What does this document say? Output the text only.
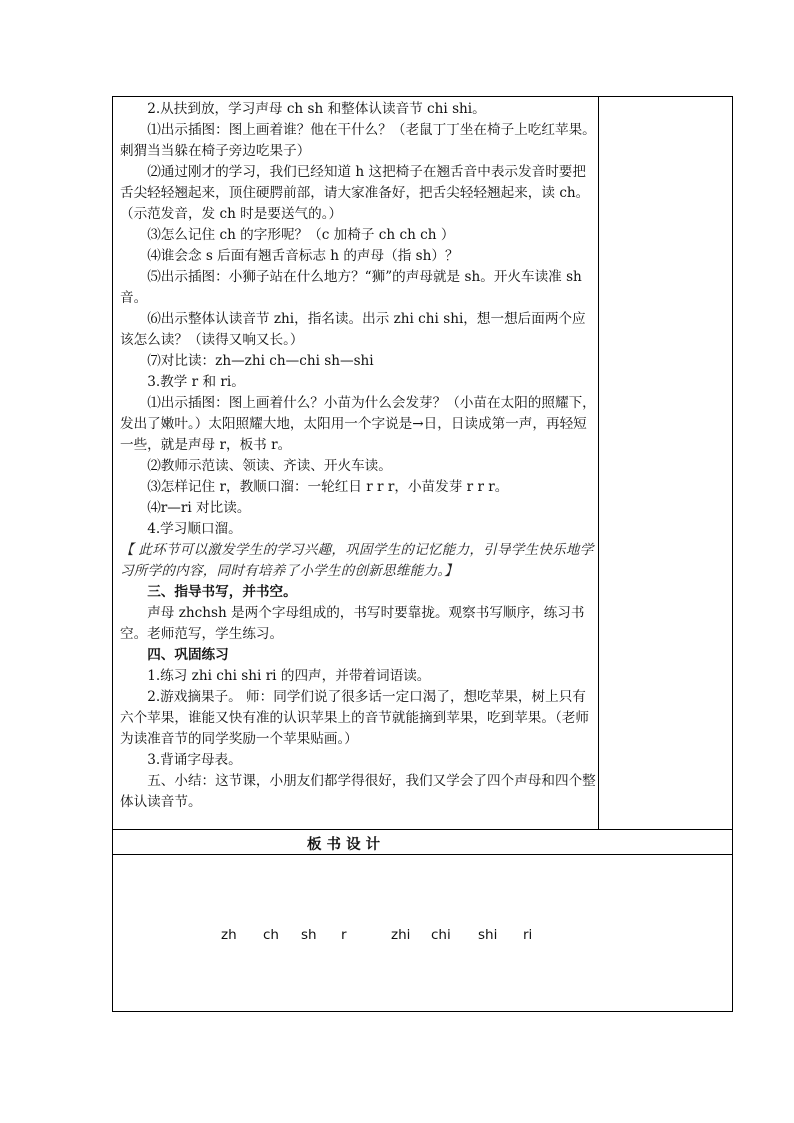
2.从扶到放，学习声母 ch sh 和整体认读音节 chi shi。

⑴出示插图：图上画着谁？他在干什么？（老鼠丁丁坐在椅子上吃红苹果。刺猬当当躲在椅子旁边吃果子）

⑵通过刚才的学习，我们已经知道 h 这把椅子在翘舌音中表示发音时要把舌尖轻轻翘起来，顶住硬腭前部，请大家准备好，把舌尖轻轻翘起来，读 ch。（示范发音，发 ch 时是要送气的。）

⑶怎么记住 ch 的字形呢？（c 加椅子 ch ch ch ）

⑷谁会念 s 后面有翘舌音标志 h 的声母（指 sh）？

⑸出示插图：小狮子站在什么地方？“狮”的声母就是 sh。开火车读准 sh 音。

⑹出示整体认读音节 zhi，指名读。出示 zhi chi shi，想一想后面两个应该怎么读？（读得又响又长。）

⑺对比读：zh—zhi ch—chi sh—shi

3.教学 r 和 ri。

⑴出示插图：图上画着什么？小苗为什么会发芽？（小苗在太阳的照耀下，发出了嫩叶。）太阳照耀大地，太阳用一个字说是→日，日读成第一声，再轻短一些，就是声母 r，板书 r。

⑵教师示范读、领读、齐读、开火车读。

⑶怎样记住 r，教顺口溜：一轮红日 r r r，小苗发芽 r r r。

⑷r—ri 对比读。

4.学习顺口溜。

【 此环节可以激发学生的学习兴趣，巩固学生的记忆能力，引导学生快乐地学习所学的内容，同时有培养了小学生的创新思维能力。】

三、指导书写，并书空。

声母 zhchsh 是两个字母组成的，书写时要靠拢。观察书写顺序，练习书空。老师范写，学生练习。

四、巩固练习

1.练习 zhi chi shi ri 的四声，并带着词语读。

2.游戏摘果子。 师：同学们说了很多话一定口渴了，想吃苹果，树上只有六个苹果，谁能又快有准的认识苹果上的音节就能摘到苹果，吃到苹果。（老师为读准音节的同学奖励一个苹果贴画。）

3.背诵字母表。

五、小结：这节课，小朋友们都学得很好，我们又学会了四个声母和四个整体认读音节。

板 书 设 计
zh ch sh r	zhi chi shi ri
